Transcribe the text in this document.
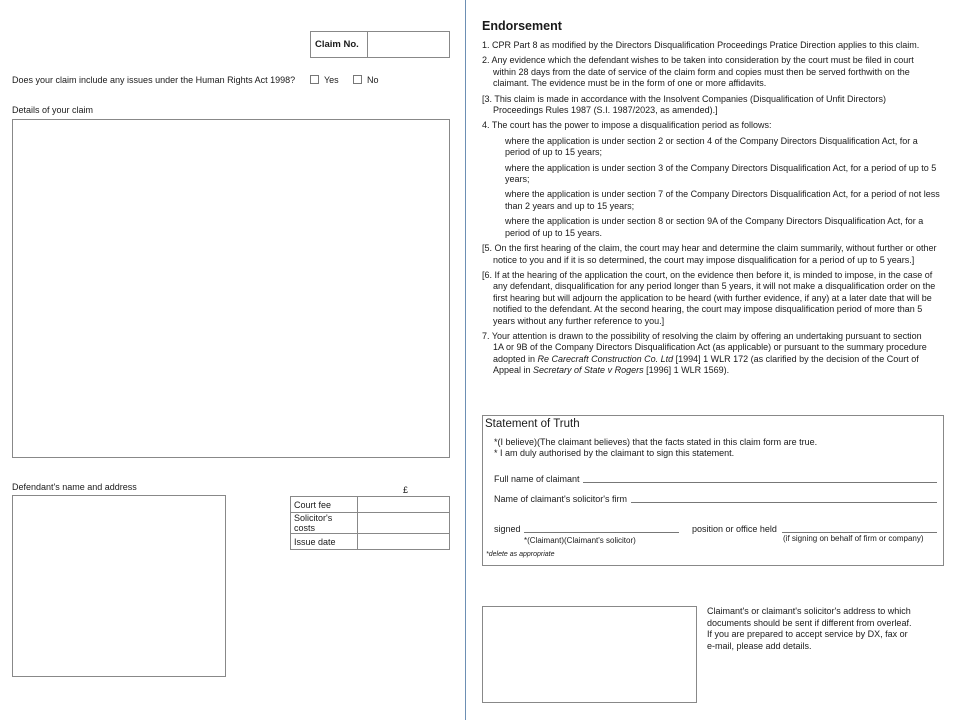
Claim No.	
Does your claim include any issues under the Human Rights Act 1998?	Yes	No
Details of your claim
Defendant's name and address	£
Court fee	
Solicitor's costs	
Issue date	
Endorsement
1. CPR Part 8 as modified by the Directors Disqualification Proceedings Pratice Direction applies to this claim.
2. Any evidence which the defendant wishes to be taken into consideration by the court must be filed in court
within 28 days from the date of service of the claim form and copies must then be served forthwith on the claimant. The evidence must be in the form of one or more affidavits.
[3. This claim is made in accordance with the Insolvent Companies (Disqualification of Unfit Directors)
Proceedings Rules 1987 (S.I. 1987/2023, as amended).]
4. The court has the power to impose a disqualification period as follows:
where the application is under section 2 or section 4 of the Company Directors Disqualification Act, for a period of up to 15 years;
where the application is under section 3 of the Company Directors Disqualification Act, for a period of up to 5 years;
where the application is under section 7 of the Company Directors Disqualification Act, for a period of not less than 2 years and up to 15 years;
where the application is under section 8 or section 9A of the Company Directors Disqualification Act, for a period of up to 15 years.
[5. On the first hearing of the claim, the court may hear and determine the claim summarily, without further or other
notice to you and if it is so determined, the court may impose disqualification for a period of up to 5 years.]
[6. If at the hearing of the application the court, on the evidence then before it, is minded to impose, in the case of
any defendant, disqualification for any period longer than 5 years, it will not make a disqualification order on the first hearing but will adjourn the application to be heard (with further evidence, if any) at a later date that will be notified to the defendant. At the second hearing, the court may impose disqualification period of more than 5 years without any further reference to you.]
7. Your attention is drawn to the possibility of resolving the claim by offering an undertaking pursuant to section
1A or 9B of the Company Directors Disqualification Act (as applicable) or pursuant to the summary procedure adopted in Re Carecraft Construction Co. Ltd [1994] 1 WLR 172 (as clarified by the decision of the Court of Appeal in Secretary of State v Rogers [1996] 1 WLR 1569).
Statement of Truth
*(I believe)(The claimant believes) that the facts stated in this claim form are true.
* I am duly authorised by the claimant to sign this statement.
Full name of claimant
Name of claimant's solicitor's firm
signed
*(Claimant)(Claimant's solicitor)
position or office held
(if signing on behalf of firm or company)
*delete as appropriate
Claimant's or claimant's solicitor's address to which documents should be sent if different from overleaf. If you are prepared to accept service by DX, fax or e-mail, please add details.
